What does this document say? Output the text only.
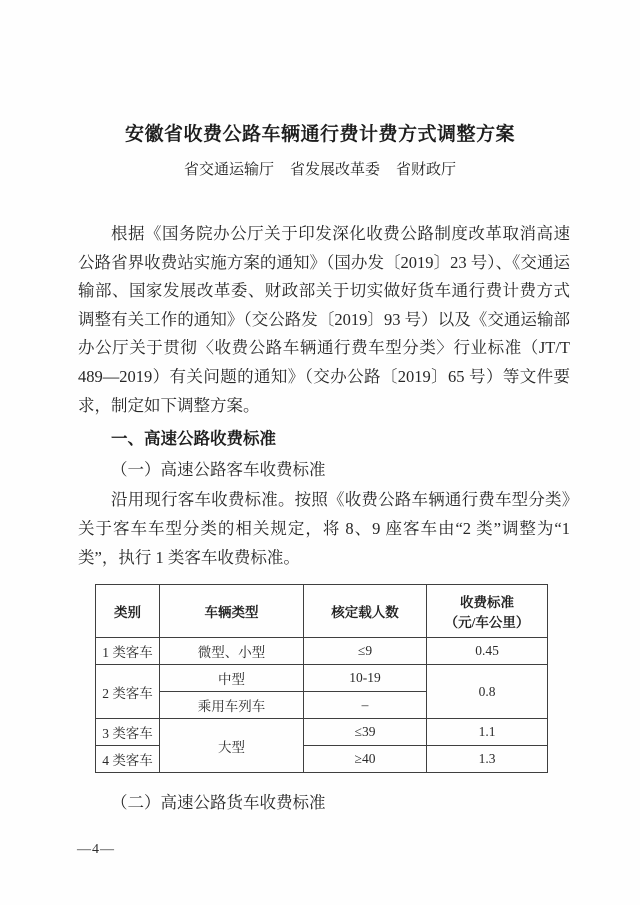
安徽省收费公路车辆通行费计费方式调整方案
省交通运输厅 省发展改革委 省财政厅

根据《国务院办公厅关于印发深化收费公路制度改革取消高速公路省界收费站实施方案的通知》（国办发〔2019〕23 号）、《交通运输部、国家发展改革委、财政部关于切实做好货车通行费计费方式调整有关工作的通知》（交公路发〔2019〕93 号）以及《交通运输部办公厅关于贯彻〈收费公路车辆通行费车型分类〉行业标准（JT/T 489—2019）有关问题的通知》（交办公路〔2019〕65 号）等文件要求，制定如下调整方案。

一、高速公路收费标准

（一）高速公路客车收费标准

沿用现行客车收费标准。按照《收费公路车辆通行费车型分类》关于客车车型分类的相关规定，将 8、9 座客车由“2 类”调整为“1 类”，执行 1 类客车收费标准。

类别	车辆类型	核定载人数	收费标准
（元/车公里）

1 类客车	微型、小型	≤9	0.45
2 类客车	中型	10-19	0.8
	乘用车列车	–	
3 类客车	大型	≤39	1.1
4 类客车		≥40	1.3

（二）高速公路货车收费标准

—4—
